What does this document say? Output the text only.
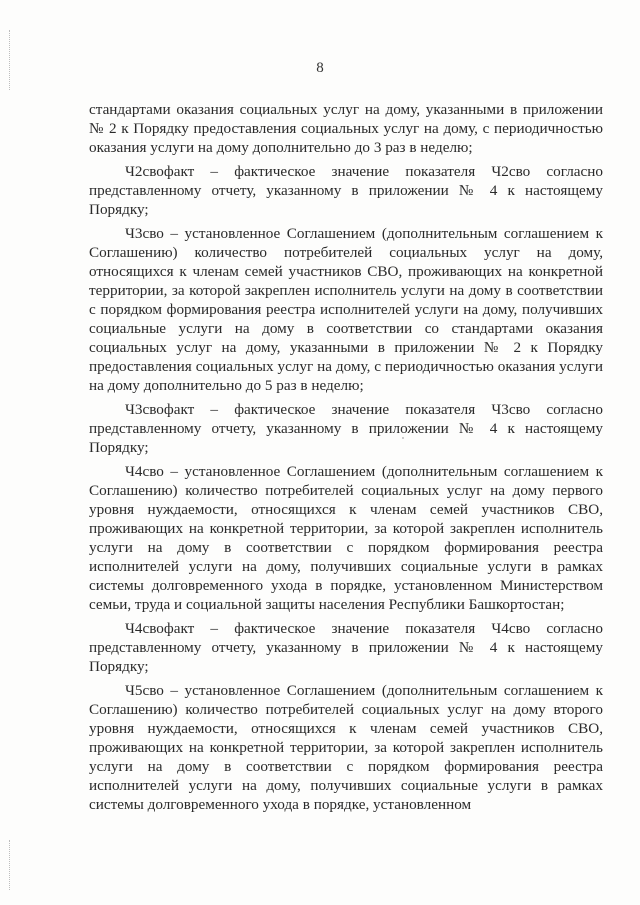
8

стандартами оказания социальных услуг на дому, указанными в приложении № 2 к Порядку предоставления социальных услуг на дому, с периодичностью оказания услуги на дому дополнительно до 3 раз в неделю;

Ч2свофакт – фактическое значение показателя Ч2сво согласно представленному отчету, указанному в приложении № 4 к настоящему Порядку;

Ч3сво – установленное Соглашением (дополнительным соглашением к Соглашению) количество потребителей социальных услуг на дому, относящихся к членам семей участников СВО, проживающих на конкретной территории, за которой закреплен исполнитель услуги на дому в соответствии с порядком формирования реестра исполнителей услуги на дому, получивших социальные услуги на дому в соответствии со стандартами оказания социальных услуг на дому, указанными в приложении № 2 к Порядку предоставления социальных услуг на дому, с периодичностью оказания услуги на дому дополнительно до 5 раз в неделю;

Ч3свофакт – фактическое значение показателя Ч3сво согласно представленному отчету, указанному в приложении № 4 к настоящему Порядку;

Ч4сво – установленное Соглашением (дополнительным соглашением к Соглашению) количество потребителей социальных услуг на дому первого уровня нуждаемости, относящихся к членам семей участников СВО, проживающих на конкретной территории, за которой закреплен исполнитель услуги на дому в соответствии с порядком формирования реестра исполнителей услуги на дому, получивших социальные услуги в рамках системы долговременного ухода в порядке, установленном Министерством семьи, труда и социальной защиты населения Республики Башкортостан;

Ч4свофакт – фактическое значение показателя Ч4сво согласно представленному отчету, указанному в приложении № 4 к настоящему Порядку;

Ч5сво – установленное Соглашением (дополнительным соглашением к Соглашению) количество потребителей социальных услуг на дому второго уровня нуждаемости, относящихся к членам семей участников СВО, проживающих на конкретной территории, за которой закреплен исполнитель услуги на дому в соответствии с порядком формирования реестра исполнителей услуги на дому, получивших социальные услуги в рамках системы долговременного ухода в порядке, установленном
